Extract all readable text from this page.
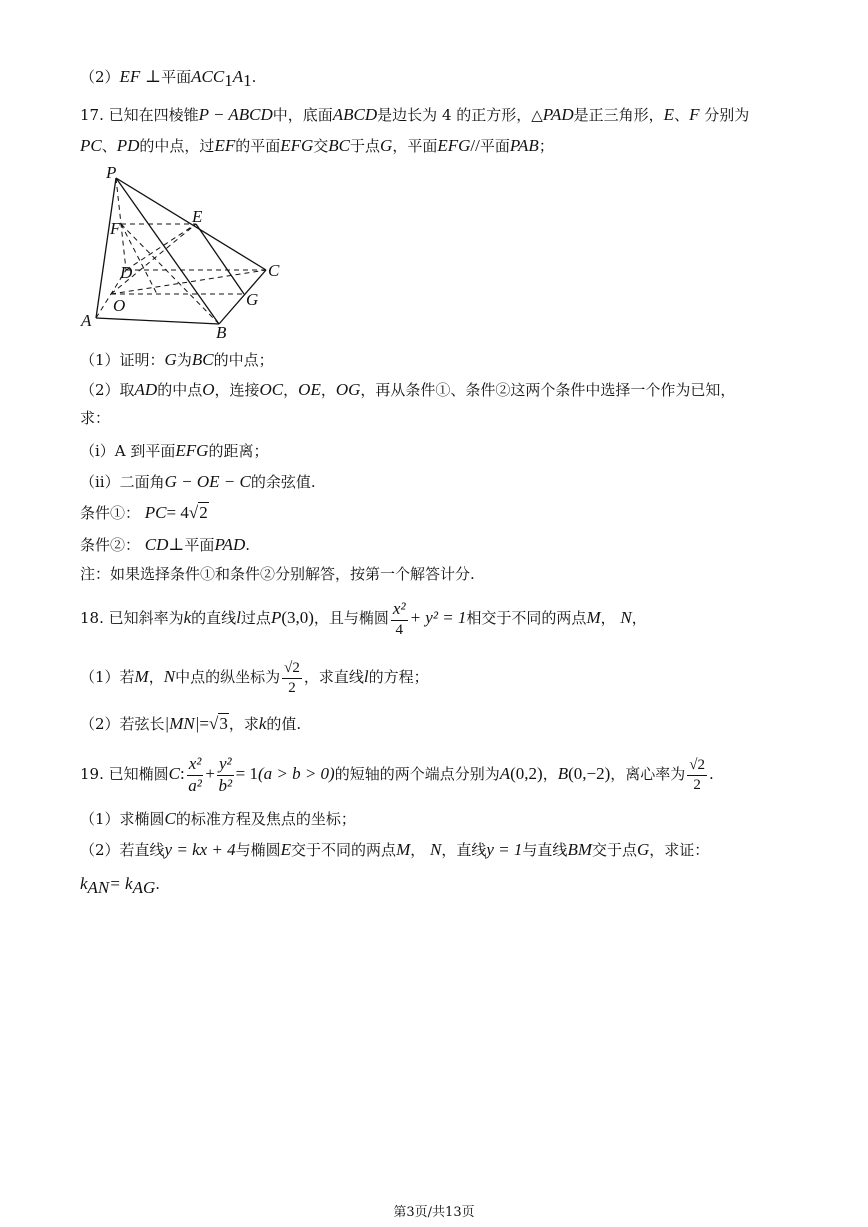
（2）EF ⊥平面$ACC_1A_1$.
17. 已知在四棱锥P − ABCD中，底面ABCD是边长为 4 的正方形，△PAD是正三角形，E、F 分别为
PC、PD的中点，过EF的平面EFG交BC于点G，平面EFG//平面PAB；
P
E
F
D	C
G
O
A
B
（1）证明：G为BC的中点；
（2）取AD的中点O，连接OC，OE，OG，再从条件①、条件②这两个条件中选择一个作为已知，
求：
（i）A 到平面EFG的距离；
（ii）二面角G − OE − C的余弦值.
条件①： PC= 4√2
条件②： CD⊥平面PAD.
注：如果选择条件①和条件②分别解答，按第一个解答计分.
18. 已知斜率为k的直线l过点P(3,0)，且与椭圆 $\frac{\text{x²}}{4} + y^2 = 1$相交于不同的两点M， N，
（1）若M，N中点的纵坐标为 $\frac{√2}{2}$ ，求直线l的方程；
（2）若弦长|MN|=√3，求k的值.
19. 已知椭圆C: $\frac{\text{x²}}{\text{a²}} + \frac{\text{y²}}{\text{b²}} = 1(a > b > 0)$的短轴的两个端点分别为A(0,2)，B(0,−2)，离心率为 $\frac{√2}{2}$ .
（1）求椭圆C的标准方程及焦点的坐标；
（2）若直线y = kx + 4与椭圆E交于不同的两点M， N，直线y = 1与直线BM交于点G，求证：
$k_{AN}= k_{AG}$.
第3页/共13页
